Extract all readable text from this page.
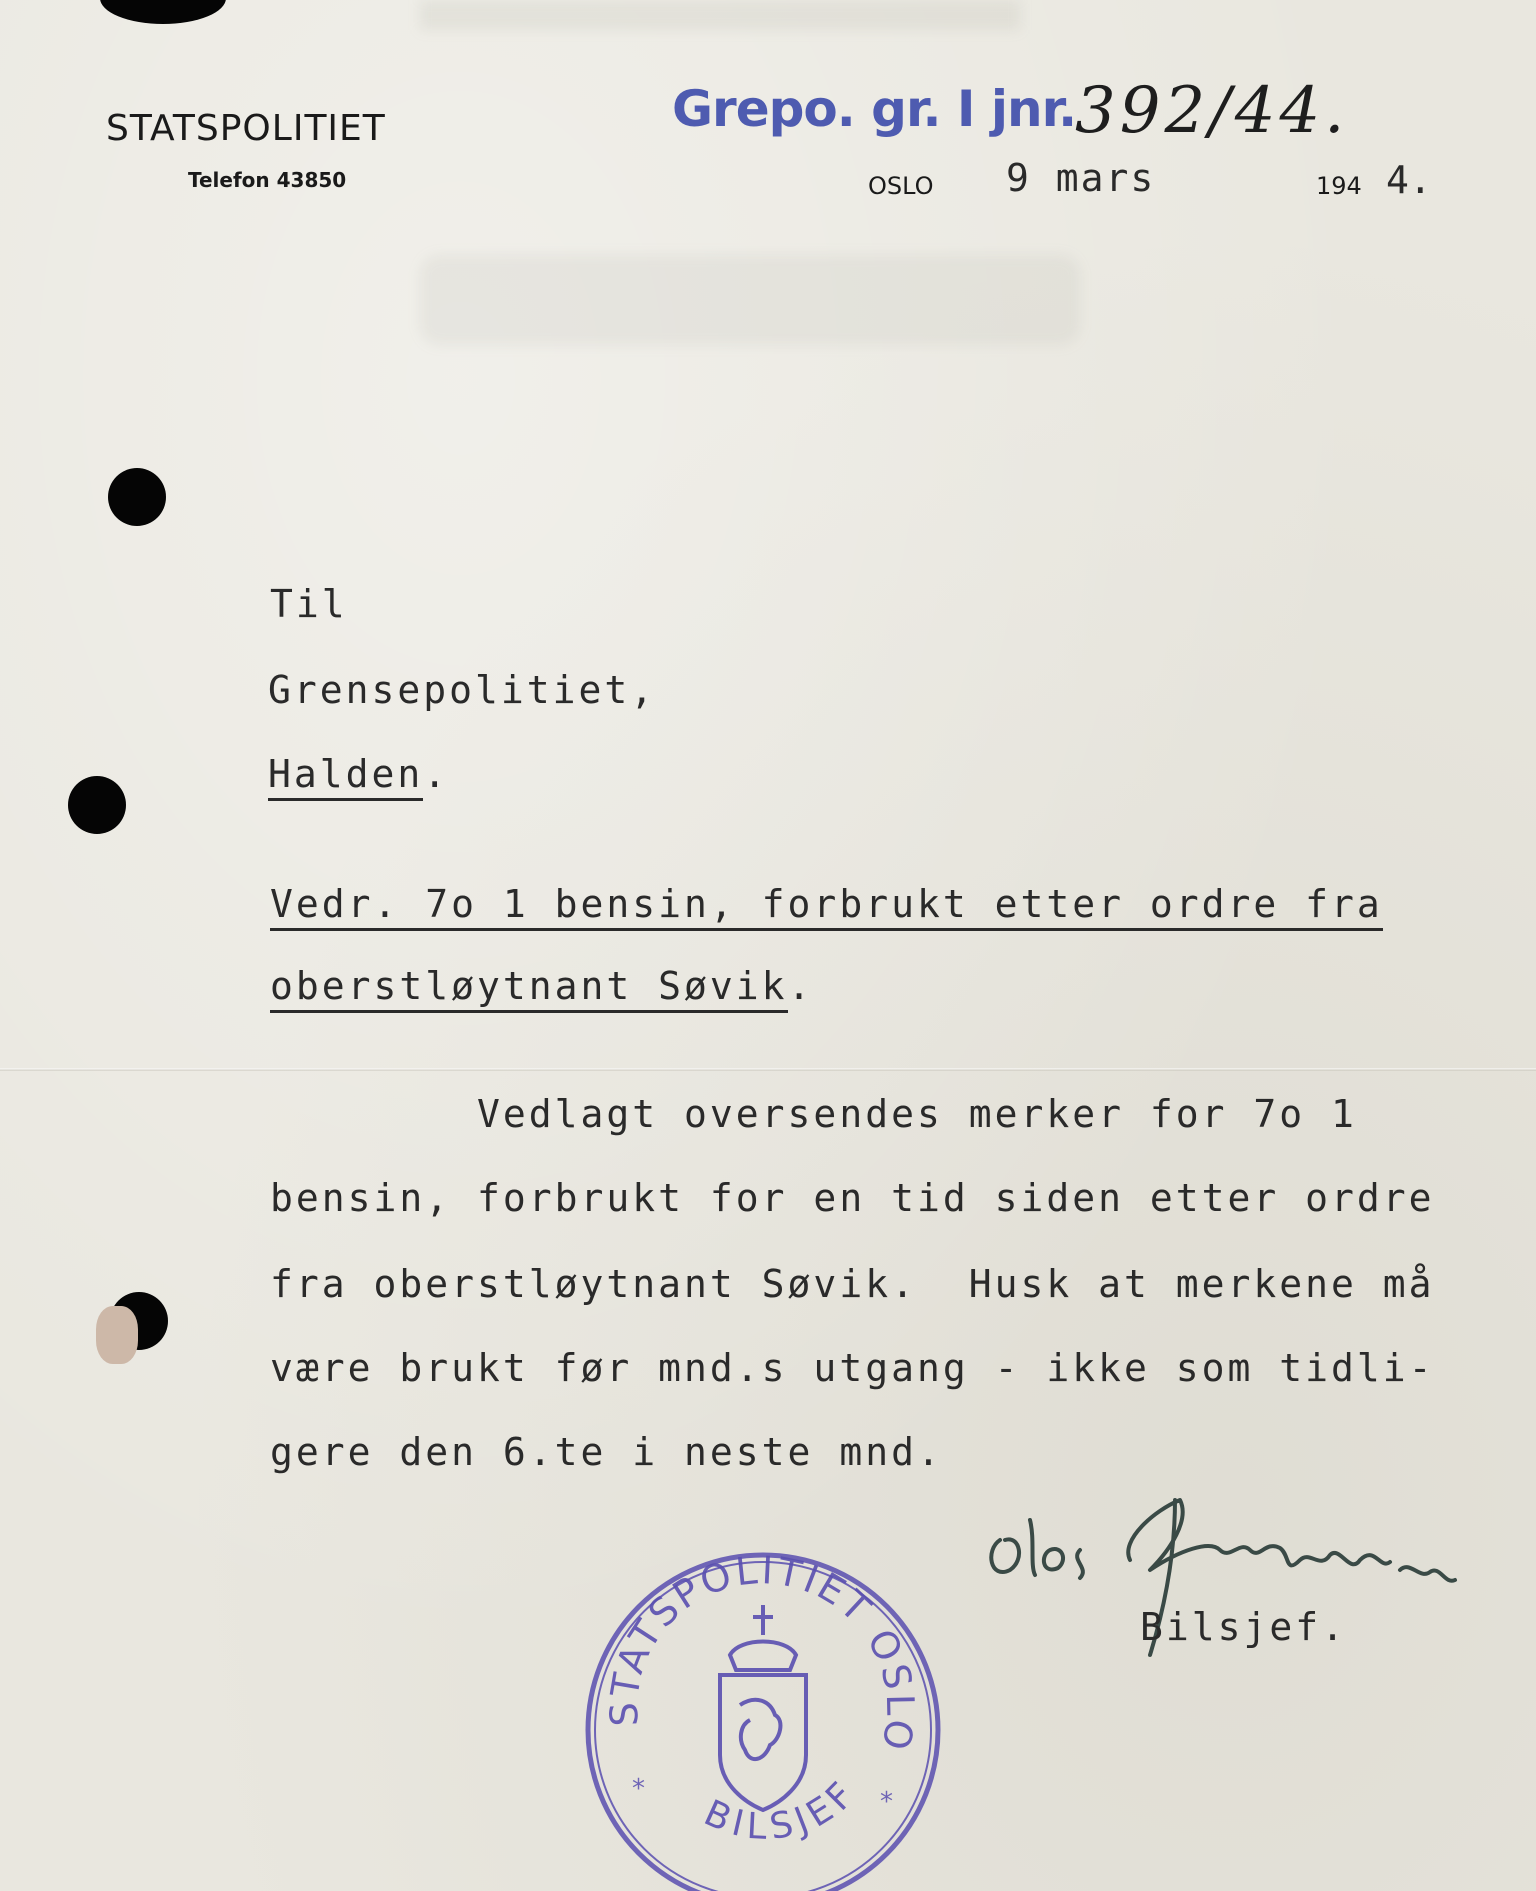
STATSPOLITIET
Telefon 43850
Grepo. gr. I jnr.
392/44.
OSLO 9 mars	194 4.
Til
Grensepolitiet,
Halden.
Vedr. 7o 1 bensin, forbrukt etter ordre fra
oberstløytnant Søvik.
Vedlagt oversendes merker for 7o 1
bensin, forbrukt for en tid siden etter ordre
fra oberstløytnant Søvik.  Husk at merkene må
være brukt før mnd.s utgang - ikke som tidli-
gere den 6.te i neste mnd.
Bilsjef.
STATSPOLITIET OSLO
BILSJEF
*	*
